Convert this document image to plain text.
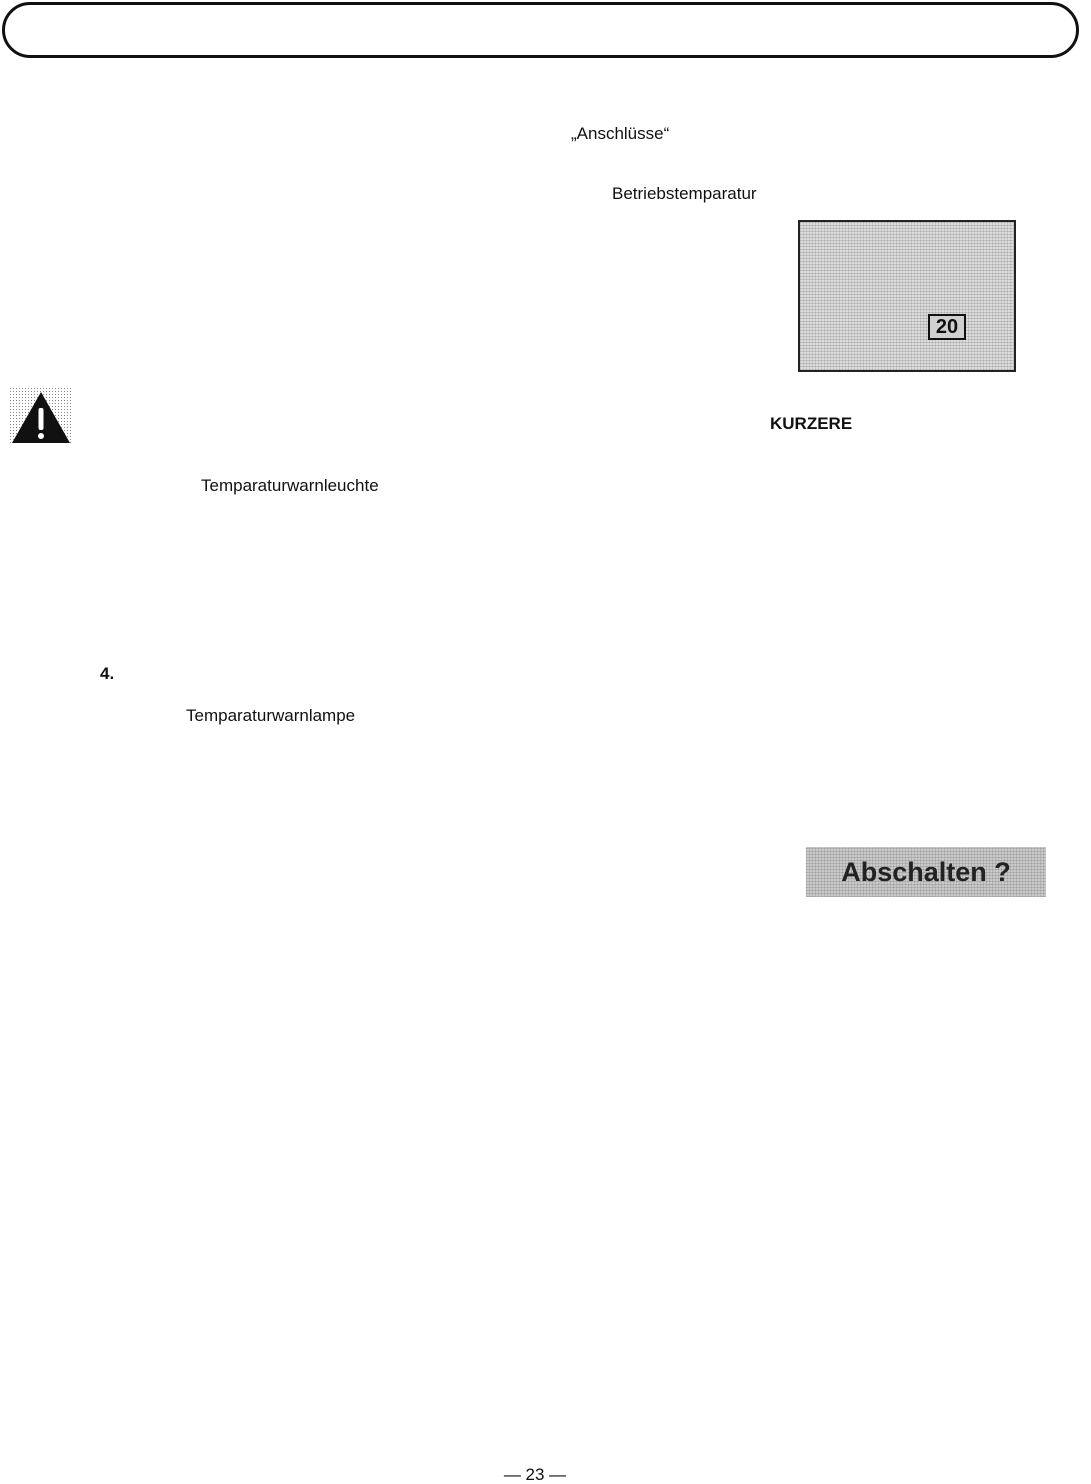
„Anschlüsse“
Betriebstemparatur
20
KURZERE
Temparaturwarnleuchte
4.
Temparaturwarnlampe
Abschalten ?
— 23 —
